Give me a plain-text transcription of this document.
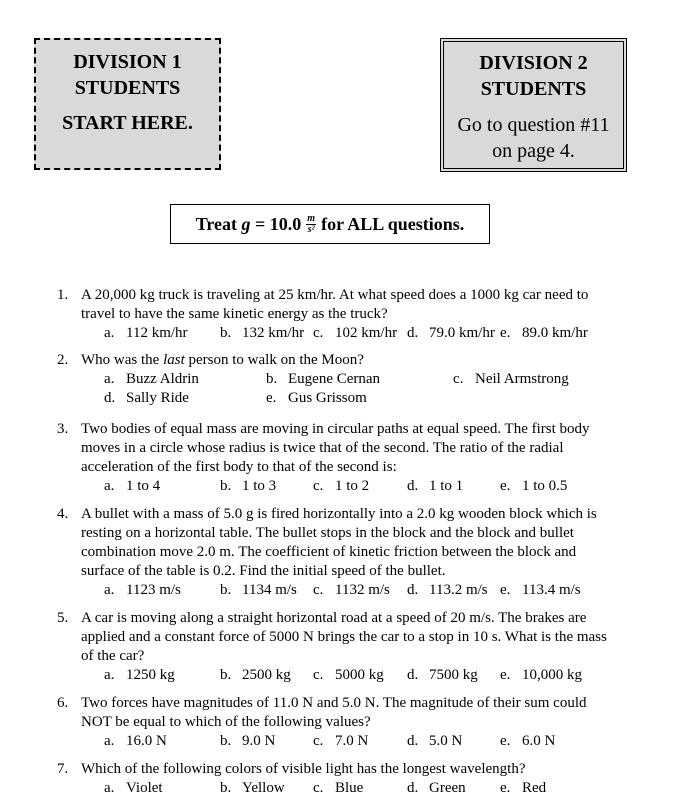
DIVISION 1
STUDENTS
START HERE.
DIVISION 2
STUDENTS
Go to question #11
on page 4.
Treat $g = 10.0 \frac{m}{\text{s²}}$ for ALL questions.
1. A 20,000 kg truck is traveling at 25 km/hr. At what speed does a 1000 kg car need to
travel to have the same kinetic energy as the truck?
a. 112 km/hr b. 132 km/hr c. 102 km/hr d. 79.0 km/hr e. 89.0 km/hr
2. Who was the last person to walk on the Moon?
a. Buzz Aldrin	b. Eugene Cernan	c. Neil Armstrong
d. Sally Ride	e. Gus Grissom
3. Two bodies of equal mass are moving in circular paths at equal speed. The first body
moves in a circle whose radius is twice that of the second. The ratio of the radial
acceleration of the first body to that of the second is:
a. 1 to 4	b. 1 to 3 c. 1 to 2	d. 1 to 1 e. 1 to 0.5
4. A bullet with a mass of 5.0 g is fired horizontally into a 2.0 kg wooden block which is
resting on a horizontal table. The bullet stops in the block and the block and bullet
combination move 2.0 m. The coefficient of kinetic friction between the block and
surface of the table is 0.2. Find the initial speed of the bullet.
a. 1123 m/s	b. 1134 m/s c. 1132 m/s d. 113.2 m/s e. 113.4 m/s
5. A car is moving along a straight horizontal road at a speed of 20 m/s. The brakes are
applied and a constant force of 5000 N brings the car to a stop in 10 s. What is the mass
of the car?
a. 1250 kg	b. 2500 kg c. 5000 kg d. 7500 kg e. 10,000 kg
6. Two forces have magnitudes of 11.0 N and 5.0 N. The magnitude of their sum could
NOT be equal to which of the following values?
a. 16.0 N	b. 9.0 N	c. 7.0 N	d. 5.0 N	e. 6.0 N
7. Which of the following colors of visible light has the longest wavelength?
a. Violet	b. Yellow c. Blue	d. Green e. Red
